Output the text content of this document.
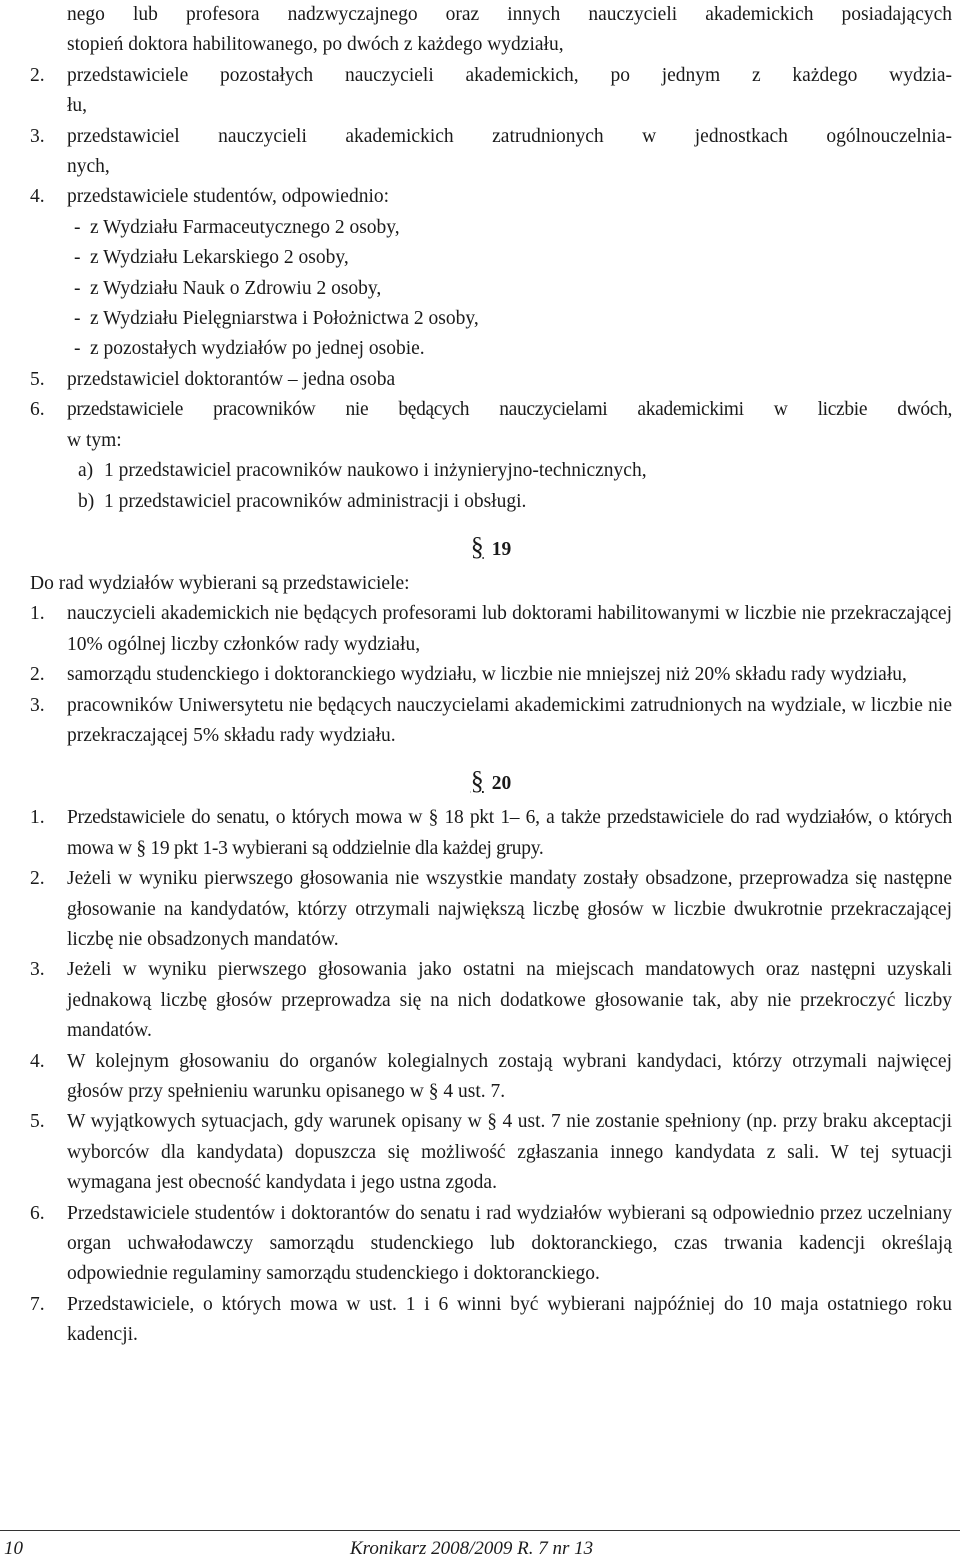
nego lub profesora nadzwyczajnego oraz innych nauczycieli akademickich posiadających
stopień doktora habilitowanego, po dwóch z każdego wydziału,
2.	przedstawiciele pozostałych nauczycieli akademickich, po jednym z każdego wydzia-
łu,
3.	przedstawiciel nauczycieli akademickich zatrudnionych w jednostkach ogólnouczelnia-
nych,
4.	przedstawiciele studentów, odpowiednio:
- z Wydziału Farmaceutycznego 2 osoby,
- z Wydziału Lekarskiego 2 osoby,
- z Wydziału Nauk o Zdrowiu 2 osoby,
- z Wydziału Pielęgniarstwa i Położnictwa 2 osoby,
- z pozostałych wydziałów po jednej osobie.
5.	przedstawiciel doktorantów – jedna osoba
6.	przedstawiciele pracowników nie będących nauczycielami akademickimi w liczbie dwóch,
w tym:
a) 1 przedstawiciel pracowników naukowo i inżynieryjno-technicznych,
b) 1 przedstawiciel pracowników administracji i obsługi.
§ 19
Do rad wydziałów wybierani są przedstawiciele:
1.	nauczycieli akademickich nie będących profesorami lub doktorami habilitowanymi w liczbie nie przekraczającej 10% ogólnej liczby członków rady wydziału,
2.	samorządu studenckiego i doktoranckiego wydziału, w liczbie nie mniejszej niż 20% składu rady wydziału,
3.	pracowników Uniwersytetu nie będących nauczycielami akademickimi zatrudnionych na wydziale, w liczbie nie przekraczającej 5% składu rady wydziału.
§ 20
1.	Przedstawiciele do senatu, o których mowa w § 18 pkt 1– 6, a także przedstawiciele do rad wydziałów, o których mowa w § 19 pkt 1-3 wybierani są oddzielnie dla każdej grupy.
2.	Jeżeli w wyniku pierwszego głosowania nie wszystkie mandaty zostały obsadzone, przeprowadza się następne głosowanie na kandydatów, którzy otrzymali największą liczbę głosów w liczbie dwukrotnie przekraczającej liczbę nie obsadzonych mandatów.
3.	Jeżeli w wyniku pierwszego głosowania jako ostatni na miejscach mandatowych oraz następni uzyskali jednakową liczbę głosów przeprowadza się na nich dodatkowe głosowanie tak, aby nie przekroczyć liczby mandatów.
4.	W kolejnym głosowaniu do organów kolegialnych zostają wybrani kandydaci, którzy otrzymali najwięcej głosów przy spełnieniu warunku opisanego w § 4 ust. 7.
5.	W wyjątkowych sytuacjach, gdy warunek opisany w § 4 ust. 7 nie zostanie spełniony (np. przy braku akceptacji wyborców dla kandydata) dopuszcza się możliwość zgłaszania innego kandydata z sali. W tej sytuacji wymagana jest obecność kandydata i jego ustna zgoda.
6.	Przedstawiciele studentów i doktorantów do senatu i rad wydziałów wybierani są odpowiednio przez uczelniany organ uchwałodawczy samorządu studenckiego lub doktoranckiego, czas trwania kadencji określają odpowiednie regulaminy samorządu studenckiego i doktoranckiego.
7.	Przedstawiciele, o których mowa w ust. 1 i 6 winni być wybierani najpóźniej do 10 maja ostatniego roku kadencji.
10	Kronikarz 2008/2009 R. 7 nr 13
